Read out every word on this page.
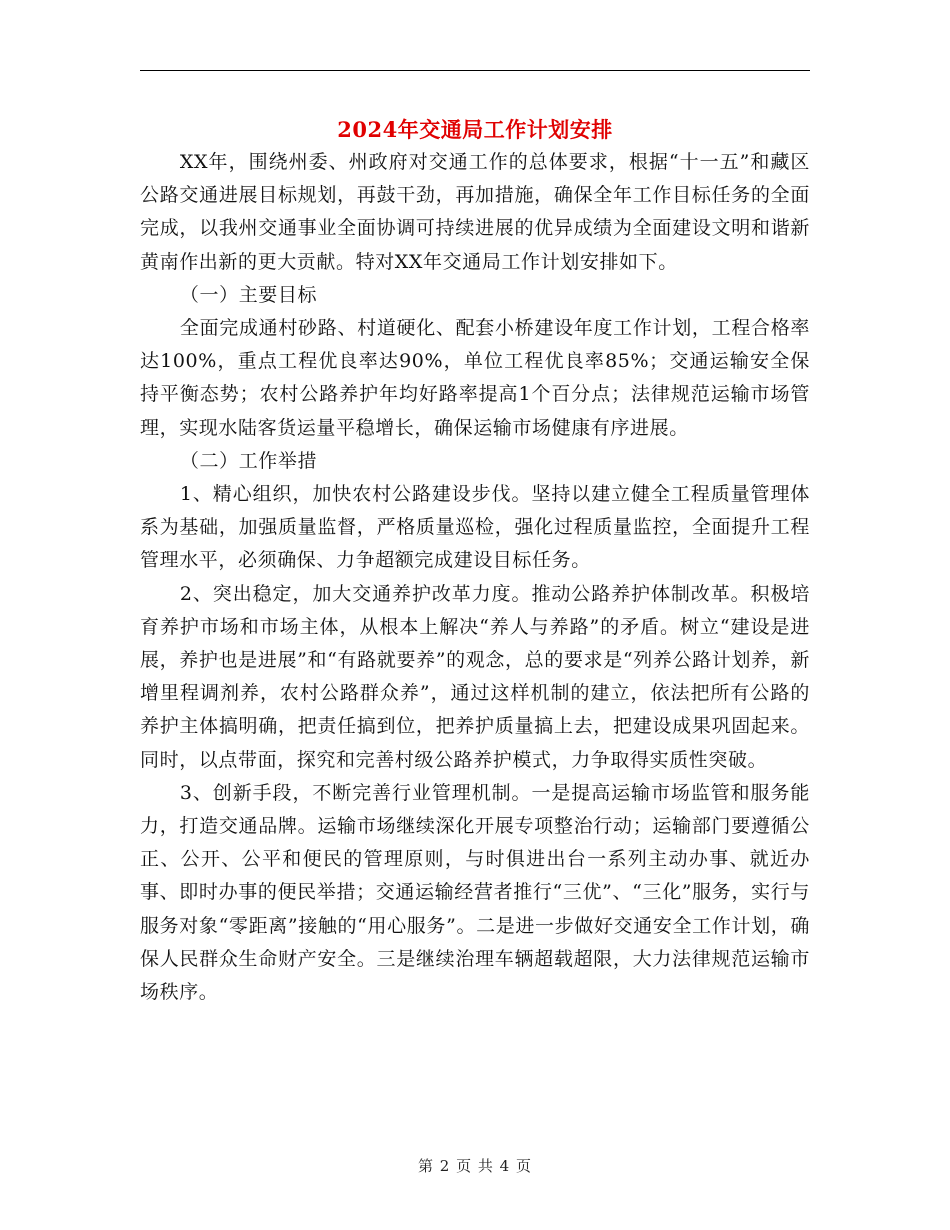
2024年交通局工作计划安排

XX年，围绕州委、州政府对交通工作的总体要求，根据“十一五”和藏区公路交通进展目标规划，再鼓干劲，再加措施，确保全年工作目标任务的全面完成，以我州交通事业全面协调可持续进展的优异成绩为全面建设文明和谐新黄南作出新的更大贡献。特对XX年交通局工作计划安排如下。

（一）主要目标

全面完成通村砂路、村道硬化、配套小桥建设年度工作计划，工程合格率达100%，重点工程优良率达90%，单位工程优良率85%；交通运输安全保持平衡态势；农村公路养护年均好路率提高1个百分点；法律规范运输市场管理，实现水陆客货运量平稳增长，确保运输市场健康有序进展。

（二）工作举措

1、精心组织，加快农村公路建设步伐。坚持以建立健全工程质量管理体系为基础，加强质量监督，严格质量巡检，强化过程质量监控，全面提升工程管理水平，必须确保、力争超额完成建设目标任务。

2、突出稳定，加大交通养护改革力度。推动公路养护体制改革。积极培育养护市场和市场主体，从根本上解决“养人与养路”的矛盾。树立“建设是进展，养护也是进展”和“有路就要养”的观念，总的要求是“列养公路计划养，新增里程调剂养，农村公路群众养”，通过这样机制的建立，依法把所有公路的养护主体搞明确，把责任搞到位，把养护质量搞上去，把建设成果巩固起来。同时，以点带面，探究和完善村级公路养护模式，力争取得实质性突破。

3、创新手段，不断完善行业管理机制。一是提高运输市场监管和服务能力，打造交通品牌。运输市场继续深化开展专项整治行动；运输部门要遵循公正、公开、公平和便民的管理原则，与时俱进出台一系列主动办事、就近办事、即时办事的便民举措；交通运输经营者推行“三优”、“三化”服务，实行与服务对象“零距离”接触的“用心服务”。二是进一步做好交通安全工作计划，确保人民群众生命财产安全。三是继续治理车辆超载超限，大力法律规范运输市场秩序。

第 2 页 共 4 页
